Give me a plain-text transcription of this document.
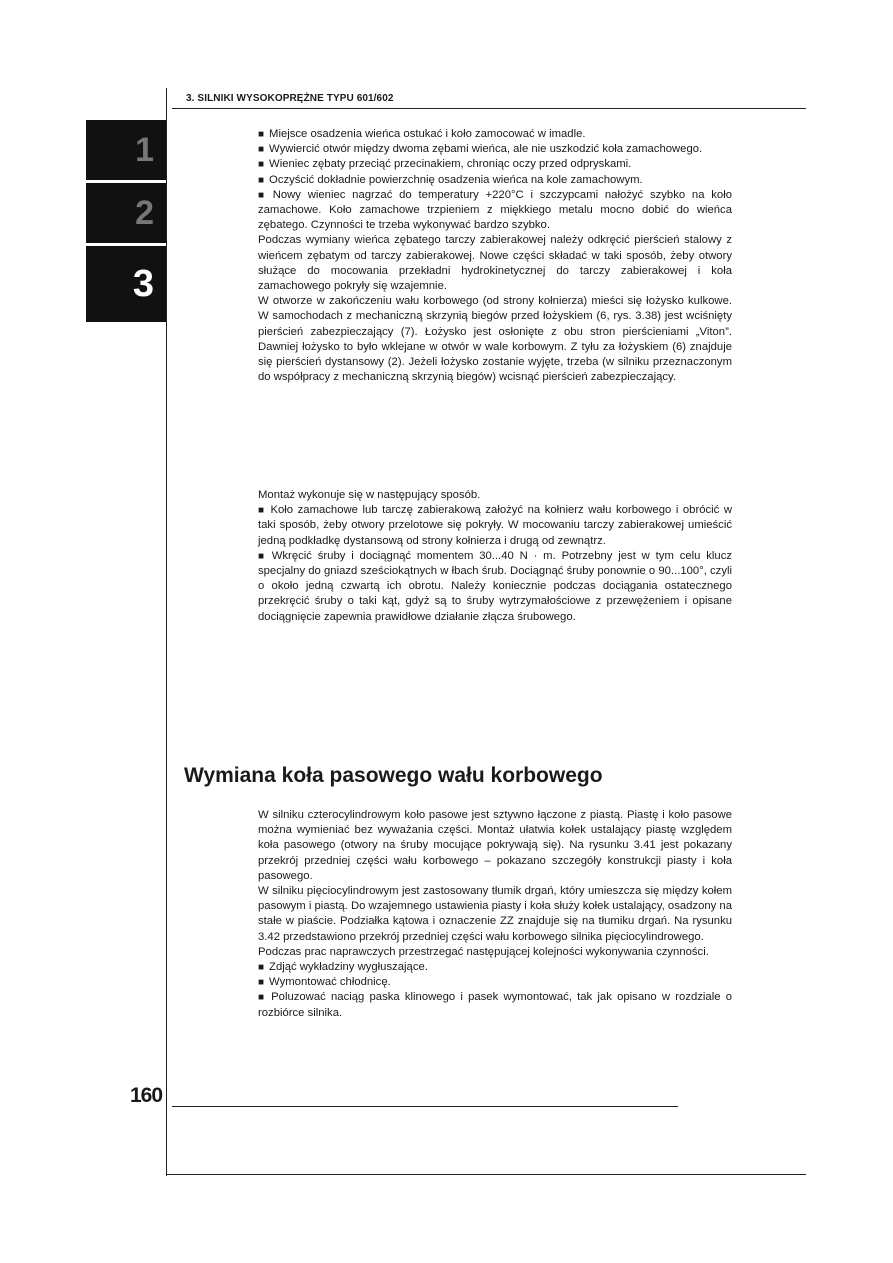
3. SILNIKI WYSOKOPRĘŻNE TYPU 601/602
1
2
3

■ Miejsce osadzenia wieńca ostukać i koło zamocować w imadle.

■ Wywiercić otwór między dwoma zębami wieńca, ale nie uszkodzić koła zamachowego.

■ Wieniec zębaty przeciąć przecinakiem, chroniąc oczy przed odpryskami.

■ Oczyścić dokładnie powierzchnię osadzenia wieńca na kole zamachowym.

■ Nowy wieniec nagrzać do temperatury +220°C i szczypcami nałożyć szybko na koło zamachowe. Koło zamachowe trzpieniem z miękkiego metalu mocno dobić do wieńca zębatego. Czynności te trzeba wykonywać bardzo szybko.

Podczas wymiany wieńca zębatego tarczy zabierakowej należy odkręcić pierścień stalowy z wieńcem zębatym od tarczy zabierakowej. Nowe części składać w taki sposób, żeby otwory służące do mocowania przekładni hydrokinetycznej do tarczy zabierakowej i koła zamachowego pokryły się wzajemnie.

W otworze w zakończeniu wału korbowego (od strony kołnierza) mieści się łożysko kulkowe. W samochodach z mechaniczną skrzynią biegów przed łożyskiem (6, rys. 3.38) jest wciśnięty pierścień zabezpieczający (7). Łożysko jest osłonięte z obu stron pierścieniami „Viton”. Dawniej łożysko to było wklejane w otwór w wale korbowym. Z tyłu za łożyskiem (6) znajduje się pierścień dystansowy (2). Jeżeli łożysko zostanie wyjęte, trzeba (w silniku przeznaczonym do współpracy z mechaniczną skrzynią biegów) wcisnąć pierścień zabezpieczający.

Montaż wykonuje się w następujący sposób.

■ Koło zamachowe lub tarczę zabierakową założyć na kołnierz wału korbowego i obrócić w taki sposób, żeby otwory przelotowe się pokryły. W mocowaniu tarczy zabierakowej umieścić jedną podkładkę dystansową od strony kołnierza i drugą od zewnątrz.

■ Wkręcić śruby i dociągnąć momentem 30...40 N · m. Potrzebny jest w tym celu klucz specjalny do gniazd sześciokątnych w łbach śrub. Dociągnąć śruby ponownie o 90...100°, czyli o około jedną czwartą ich obrotu. Należy koniecznie podczas dociągania ostatecznego przekręcić śruby o taki kąt, gdyż są to śruby wytrzymałościowe z przewężeniem i opisane dociągnięcie zapewnia prawidłowe działanie złącza śrubowego.

Wymiana koła pasowego wału korbowego

W silniku czterocylindrowym koło pasowe jest sztywno łączone z piastą. Piastę i koło pasowe można wymieniać bez wyważania części. Montaż ułatwia kołek ustalający piastę względem koła pasowego (otwory na śruby mocujące pokrywają się). Na rysunku 3.41 jest pokazany przekrój przedniej części wału korbowego – pokazano szczegóły konstrukcji piasty i koła pasowego.

W silniku pięciocylindrowym jest zastosowany tłumik drgań, który umieszcza się między kołem pasowym i piastą. Do wzajemnego ustawienia piasty i koła służy kołek ustalający, osadzony na stałe w piaście. Podziałka kątowa i oznaczenie ZZ znajduje się na tłumiku drgań. Na rysunku 3.42 przedstawiono przekrój przedniej części wału korbowego silnika pięciocylindrowego.

Podczas prac naprawczych przestrzegać następującej kolejności wykonywania czynności.

■ Zdjąć wykładziny wygłuszające.

■ Wymontować chłodnicę.

■ Poluzować naciąg paska klinowego i pasek wymontować, tak jak opisano w rozdziale o rozbiórce silnika.

160
